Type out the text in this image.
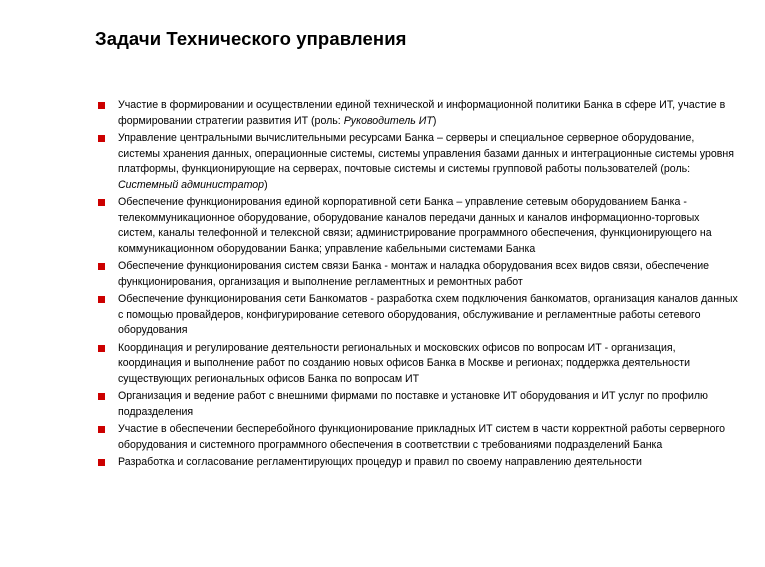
Задачи Технического управления
Участие в формировании и осуществлении единой технической и информационной политики Банка в сфере ИТ, участие в формировании стратегии развития ИТ (роль: Руководитель ИТ)
Управление центральными вычислительными ресурсами Банка – серверы и специальное серверное оборудование, системы хранения данных, операционные системы, системы управления базами данных и интеграционные системы уровня платформы, функционирующие на серверах, почтовые системы и системы групповой работы пользователей (роль: Системный администратор)
Обеспечение функционирования единой корпоративной сети Банка – управление сетевым оборудованием Банка - телекоммуникационное оборудование, оборудование каналов передачи данных и каналов информационно-торговых систем, каналы телефонной и телексной связи; администрирование программного обеспечения, функционирующего на коммуникационном оборудовании Банка; управление кабельными системами Банка
Обеспечение функционирования систем связи Банка - монтаж и наладка оборудования всех видов связи, обеспечение функционирования, организация и выполнение регламентных и ремонтных работ
Обеспечение функционирования сети Банкоматов - разработка схем подключения банкоматов, организация каналов данных с помощью провайдеров, конфигурирование сетевого оборудования, обслуживание и регламентные работы сетевого оборудования
Координация и регулирование деятельности региональных и московских офисов по вопросам ИТ - организация, координация и выполнение работ по созданию новых офисов Банка в Москве и регионах; поддержка деятельности существующих региональных офисов Банка по вопросам ИТ
Организация и ведение работ с внешними фирмами по поставке и установке ИТ оборудования и ИТ услуг по профилю подразделения
Участие в обеспечении бесперебойного функционирование прикладных ИТ систем в части корректной работы серверного оборудования и системного программного обеспечения в соответствии с требованиями подразделений Банка
Разработка и согласование регламентирующих процедур и правил по своему направлению деятельности
